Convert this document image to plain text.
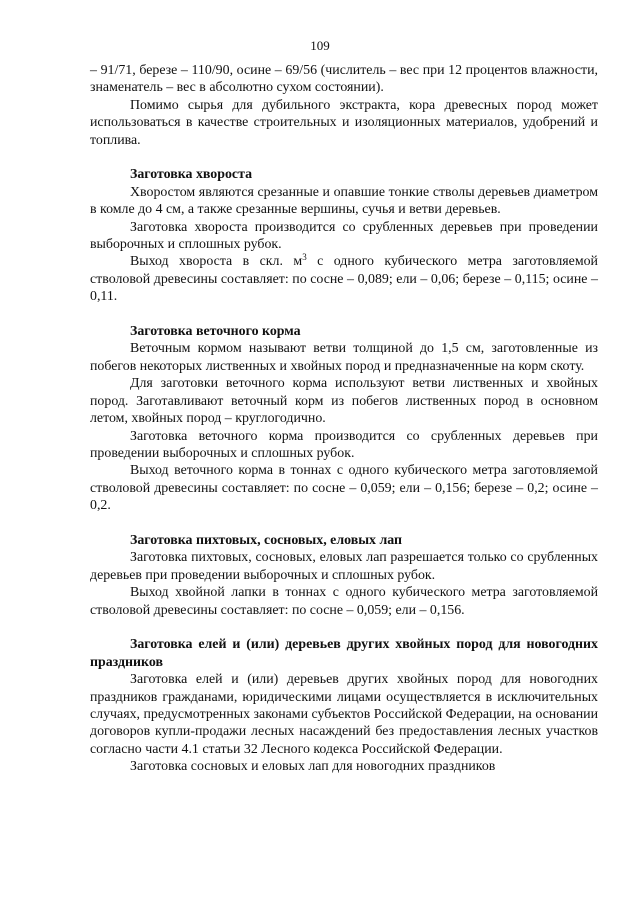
109

– 91/71, березе – 110/90, осине – 69/56 (числитель – вес при 12 процентов влажности, знаменатель – вес в абсолютно сухом состоянии).

Помимо сырья для дубильного экстракта, кора древесных пород может использоваться в качестве строительных и изоляционных материалов, удобрений и топлива.

Заготовка хвороста

Хворостом являются срезанные и опавшие тонкие стволы деревьев диаметром в комле до 4 см, а также срезанные вершины, сучья и ветви деревьев.

Заготовка хвороста производится со срубленных деревьев при проведении выборочных и сплошных рубок.

Выход хвороста в скл. $м^3$ с одного кубического метра заготовляемой стволовой древесины составляет: по сосне – 0,089; ели – 0,06; березе – 0,115; осине – 0,11.

Заготовка веточного корма

Веточным кормом называют ветви толщиной до 1,5 см, заготовленные из побегов некоторых лиственных и хвойных пород и предназначенные на корм скоту.

Для заготовки веточного корма используют ветви лиственных и хвойных пород. Заготавливают веточный корм из побегов лиственных пород в основном летом, хвойных пород – круглогодично.

Заготовка веточного корма производится со срубленных деревьев при проведении выборочных и сплошных рубок.

Выход веточного корма в тоннах с одного кубического метра заготовляемой стволовой древесины составляет: по сосне – 0,059; ели – 0,156; березе – 0,2; осине – 0,2.

Заготовка пихтовых, сосновых, еловых лап

Заготовка пихтовых, сосновых, еловых лап разрешается только со срубленных деревьев при проведении выборочных и сплошных рубок.

Выход хвойной лапки в тоннах с одного кубического метра заготовляемой стволовой древесины составляет: по сосне – 0,059; ели – 0,156.

Заготовка елей и (или) деревьев других хвойных пород для новогодних праздников

Заготовка елей и (или) деревьев других хвойных пород для новогодних праздников гражданами, юридическими лицами осуществляется в исключительных случаях, предусмотренных законами субъектов Российской Федерации, на основании договоров купли-продажи лесных насаждений без предоставления лесных участков согласно части 4.1 статьи 32 Лесного кодекса Российской Федерации.

Заготовка сосновых и еловых лап для новогодних праздников
